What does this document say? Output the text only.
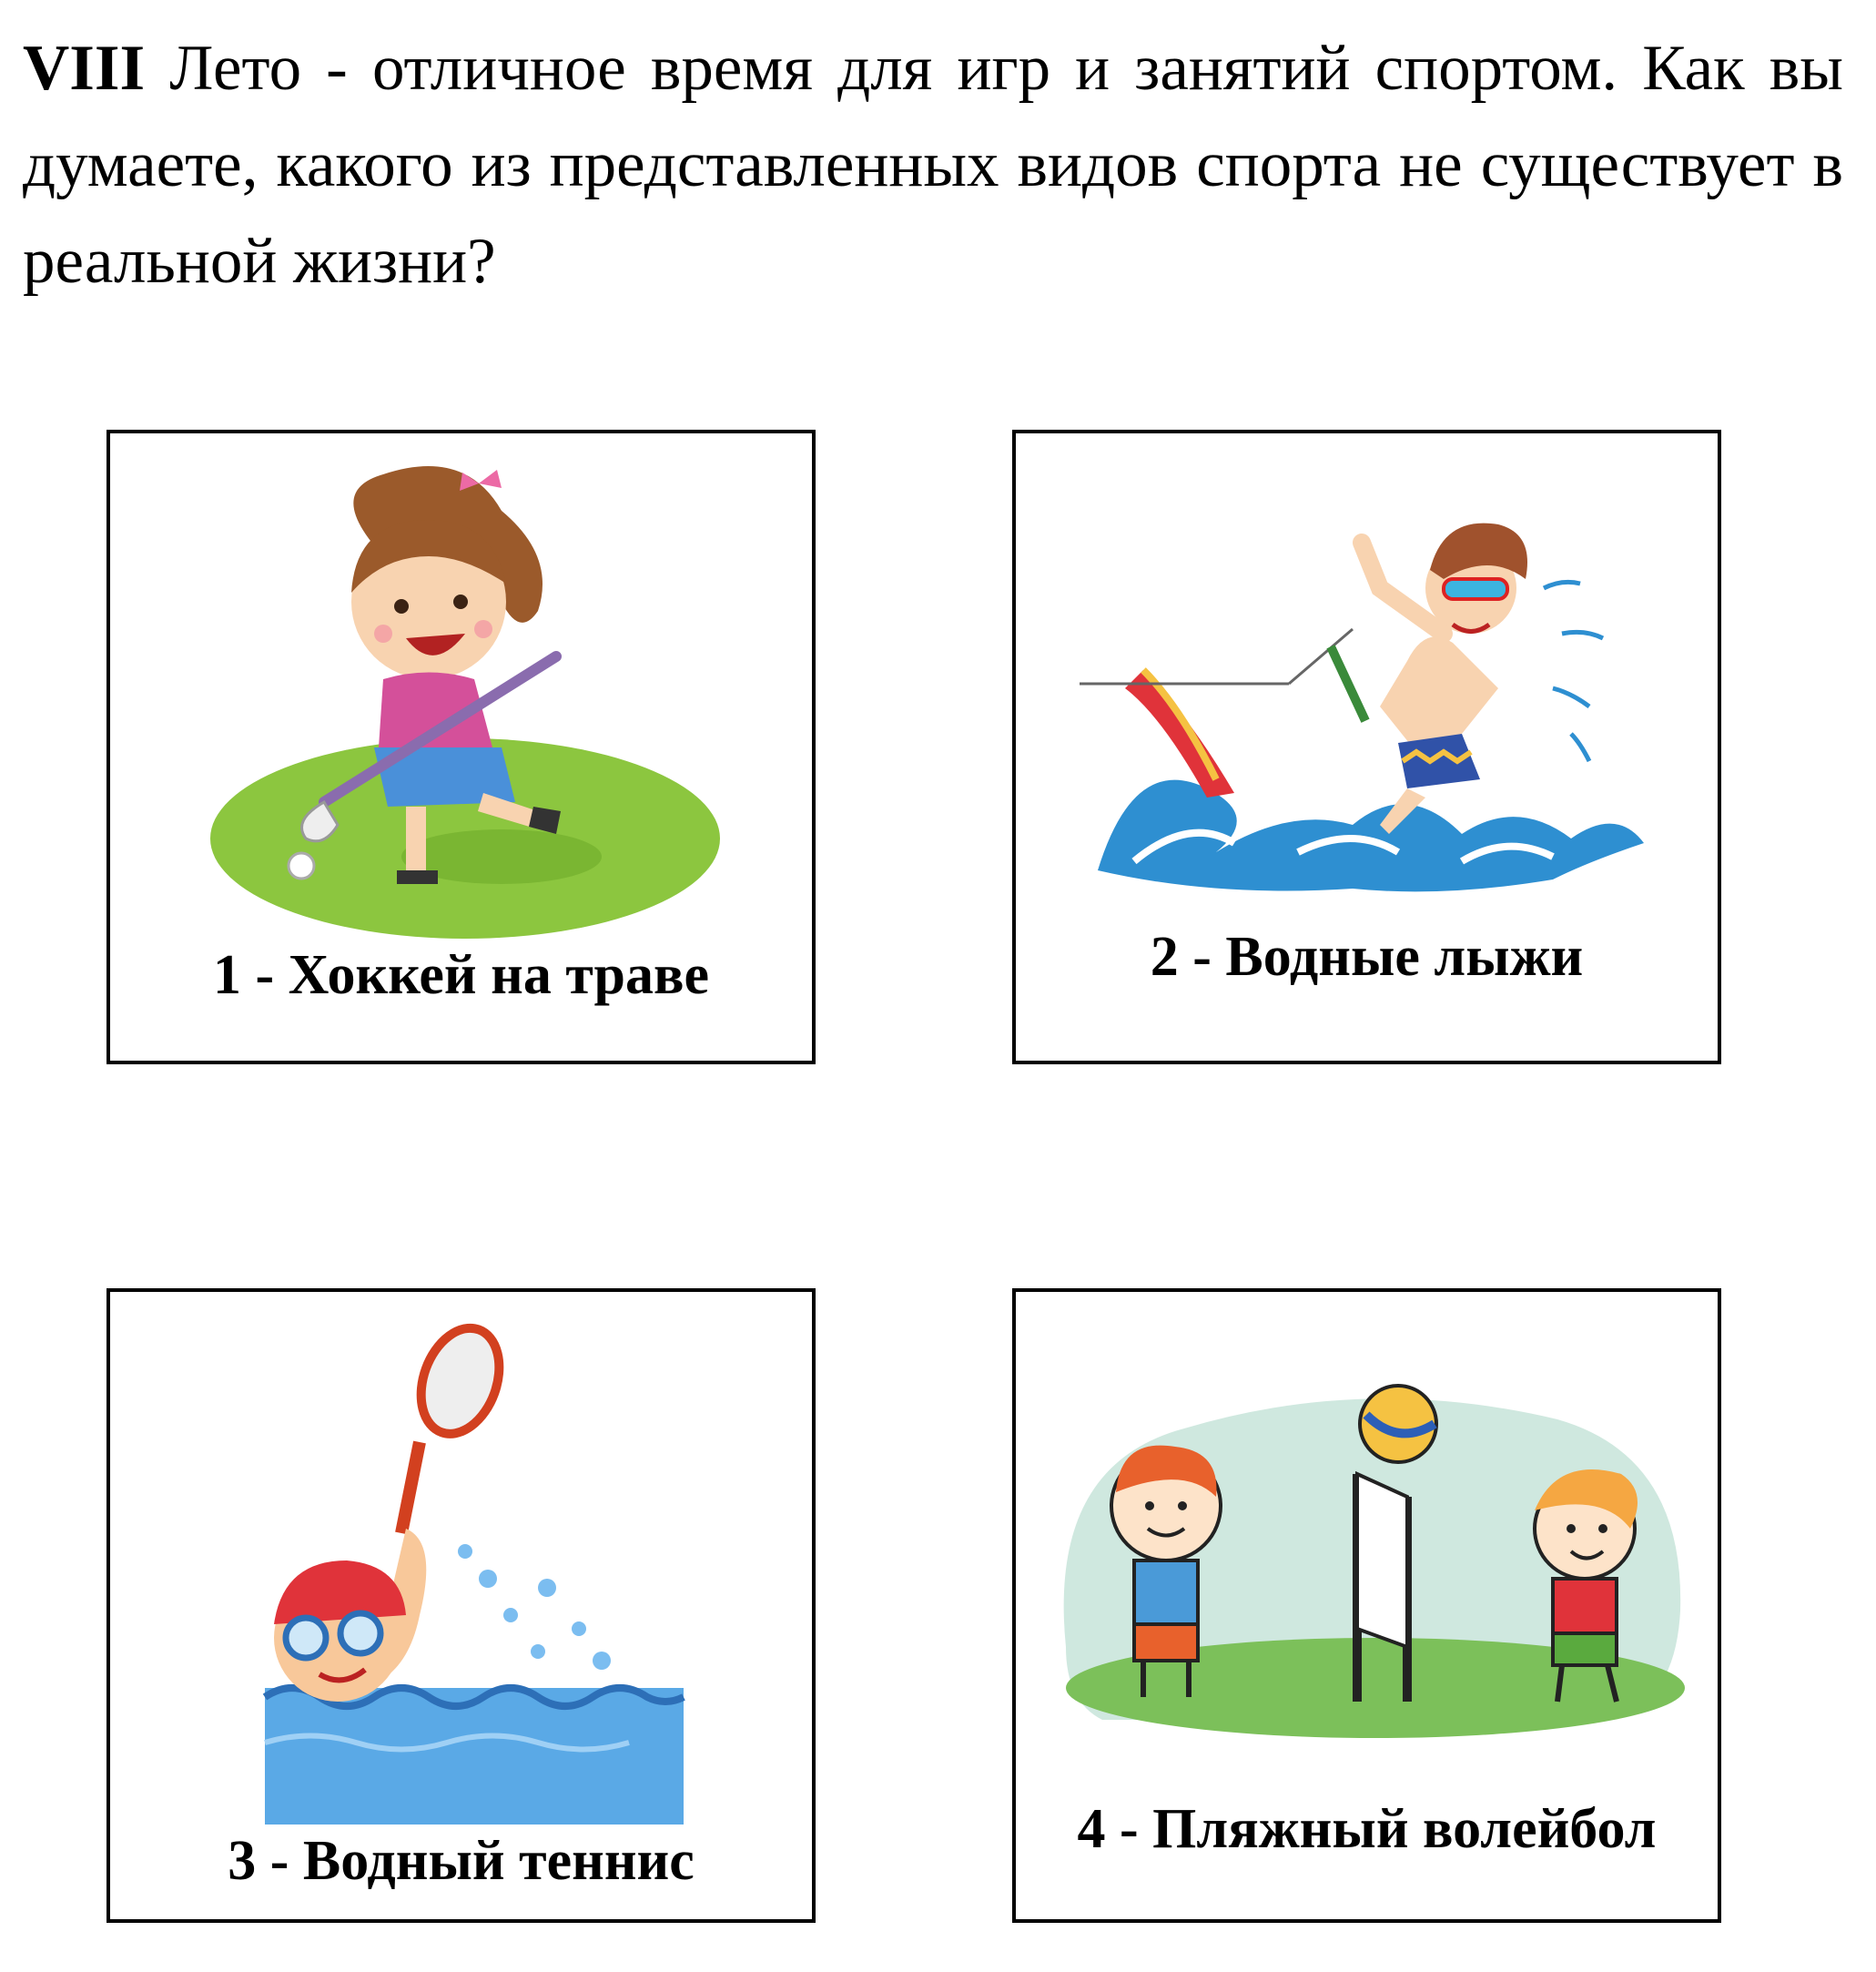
VIII Лето - отличное время для игр и занятий спортом. Как вы думаете, какого из представленных видов спорта не существует в реальной жизни?

1 - Хоккей на траве	2 - Водные лыжи
3 - Водный теннис
4 - Пляжный волейбол
